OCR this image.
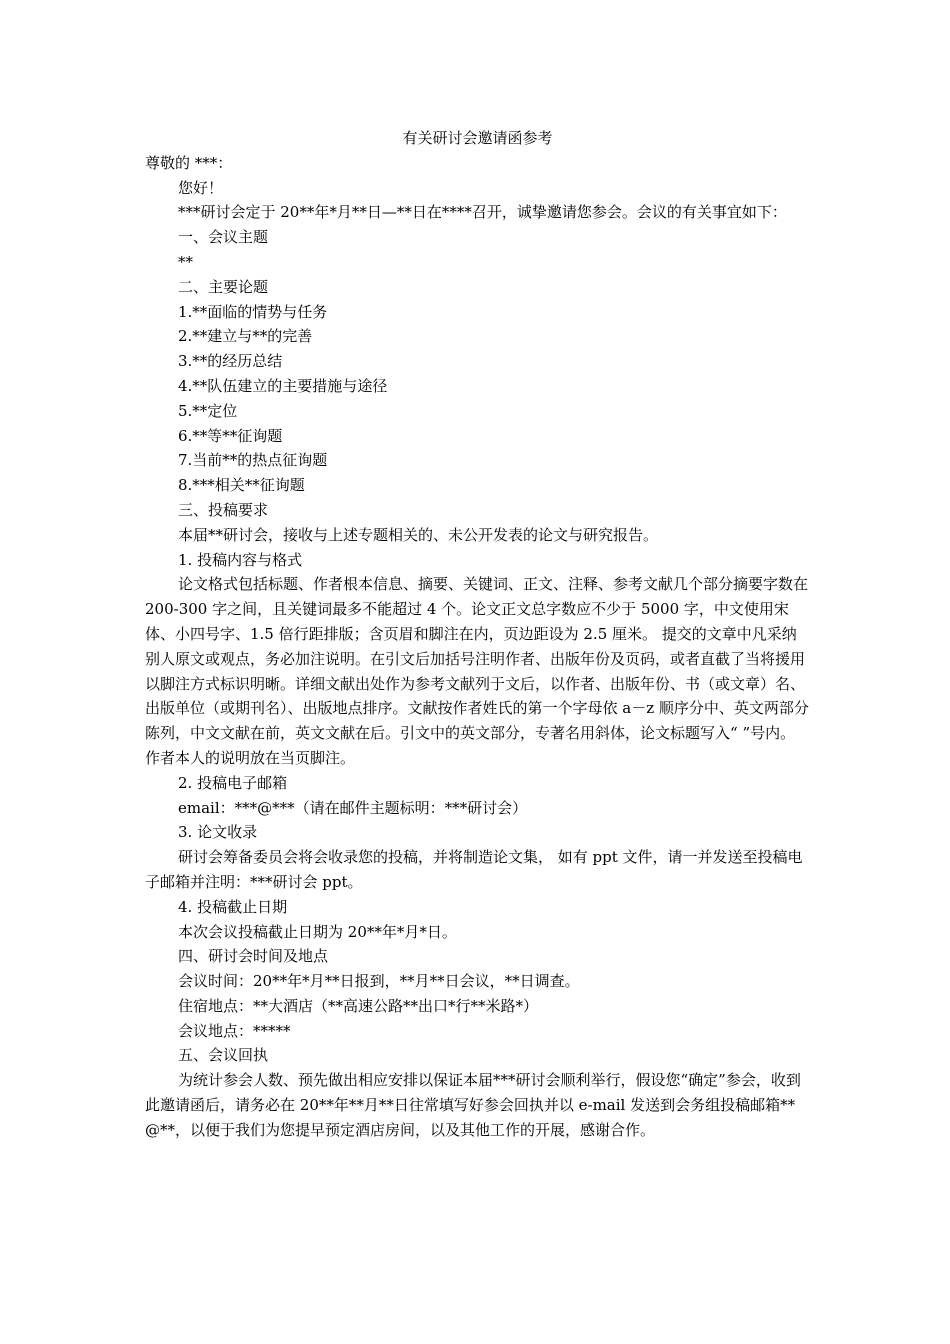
有关研讨会邀请函参考

尊敬的 ***：

您好！

***研讨会定于 20**年*月**日—**日在****召开，诚挚邀请您参会。会议的有关事宜如下：

一、会议主题

**

二、主要论题

1.**面临的情势与任务

2.**建立与**的完善

3.**的经历总结

4.**队伍建立的主要措施与途径

5.**定位

6.**等**征询题

7.当前**的热点征询题

8.***相关**征询题

三、投稿要求

本届**研讨会，接收与上述专题相关的、未公开发表的论文与研究报告。

1. 投稿内容与格式

论文格式包括标题、作者根本信息、摘要、关键词、正文、注释、参考文献几个部分摘要字数在 200-300 字之间，且关键词最多不能超过 4 个。论文正文总字数应不少于 5000 字，中文使用宋体、小四号字、1.5 倍行距排版；含页眉和脚注在内，页边距设为 2.5 厘米。 提交的文章中凡采纳别人原文或观点，务必加注说明。在引文后加括号注明作者、出版年份及页码，或者直截了当将援用以脚注方式标识明晰。详细文献出处作为参考文献列于文后，以作者、出版年份、书（或文章）名、出版单位（或期刊名）、出版地点排序。文献按作者姓氏的第一个字母依 a－z 顺序分中、英文两部分陈列，中文文献在前，英文文献在后。引文中的英文部分，专著名用斜体，论文标题写入“ ”号内。作者本人的说明放在当页脚注。

2. 投稿电子邮箱

email：***@***（请在邮件主题标明：***研讨会）

3. 论文收录

研讨会筹备委员会将会收录您的投稿，并将制造论文集， 如有 ppt 文件，请一并发送至投稿电子邮箱并注明：***研讨会 ppt。

4. 投稿截止日期

本次会议投稿截止日期为 20**年*月*日。

四、研讨会时间及地点

会议时间：20**年*月**日报到，**月**日会议，**日调查。

住宿地点：**大酒店（**高速公路**出口*行**米路*）

会议地点：*****

五、会议回执

为统计参会人数、预先做出相应安排以保证本届***研讨会顺利举行，假设您“确定”参会，收到此邀请函后，请务必在 20**年**月**日往常填写好参会回执并以 e-mail 发送到会务组投稿邮箱**@**，以便于我们为您提早预定酒店房间，以及其他工作的开展，感谢合作。
